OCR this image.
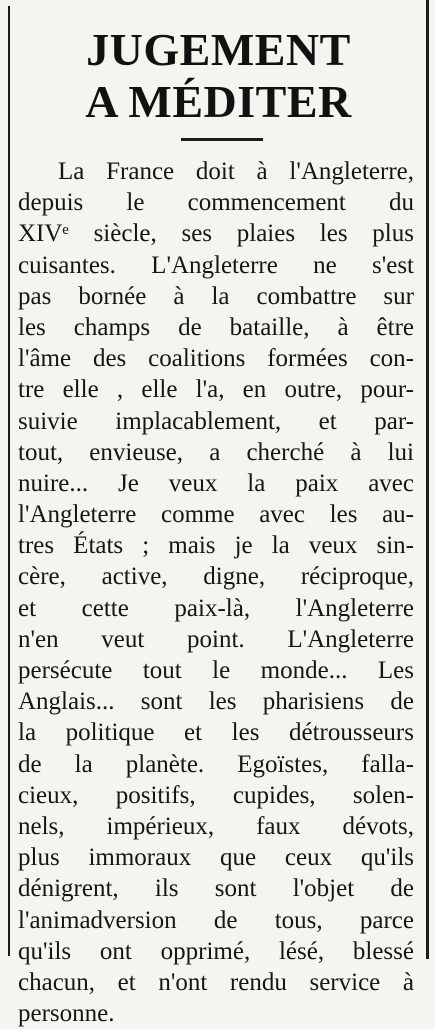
JUGEMENT
A MÉDITER
La France doit à l'Angleterre,
depuis le commencement du
XIVᵉ siècle, ses plaies les plus
cuisantes. L'Angleterre ne s'est
pas bornée à la combattre sur
les champs de bataille, à être
l'âme des coalitions formées con-
tre elle , elle l'a, en outre, pour-
suivie implacablement, et par-
tout, envieuse, a cherché à lui
nuire... Je veux la paix avec
l'Angleterre comme avec les au-
tres États ; mais je la veux sin-
cère, active, digne, réciproque,
et cette paix-là, l'Angleterre
n'en veut point. L'Angleterre
persécute tout le monde... Les
Anglais... sont les pharisiens de
la politique et les détrousseurs
de la planète. Egoïstes, falla-
cieux, positifs, cupides, solen-
nels, impérieux, faux dévots,
plus immoraux que ceux qu'ils
dénigrent, ils sont l'objet de
l'animadversion de tous, parce
qu'ils ont opprimé, lésé, blessé
chacun, et n'ont rendu service à
personne.
